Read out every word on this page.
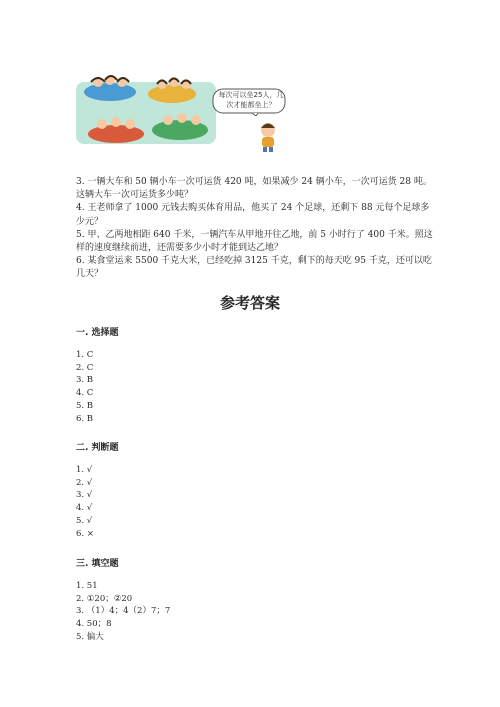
每次可以坐25人，几次才能都坐上？

3. 一辆大车和 50 辆小车一次可运货 420 吨，如果减少 24 辆小车，一次可运货 28 吨。这辆大车一次可运货多少吨？

4. 王老师拿了 1000 元钱去购买体育用品，他买了 24 个足球，还剩下 88 元每个足球多少元？

5. 甲、乙两地相距 640 千米，一辆汽车从甲地开往乙地，前 5 小时行了 400 千米。照这样的速度继续前进，还需要多少小时才能到达乙地？

6. 某食堂运来 5500 千克大米，已经吃掉 3125 千克，剩下的每天吃 95 千克，还可以吃几天？

参考答案
一. 选择题
1. C
2. C
3. B
4. C
5. B
6. B
二. 判断题
1. √
2. √
3. √
4. √
5. √
6. ×
三. 填空题
1. 51
2. ①20；②20
3. （1）4；4（2）7；7
4. 50；8
5. 偏大
